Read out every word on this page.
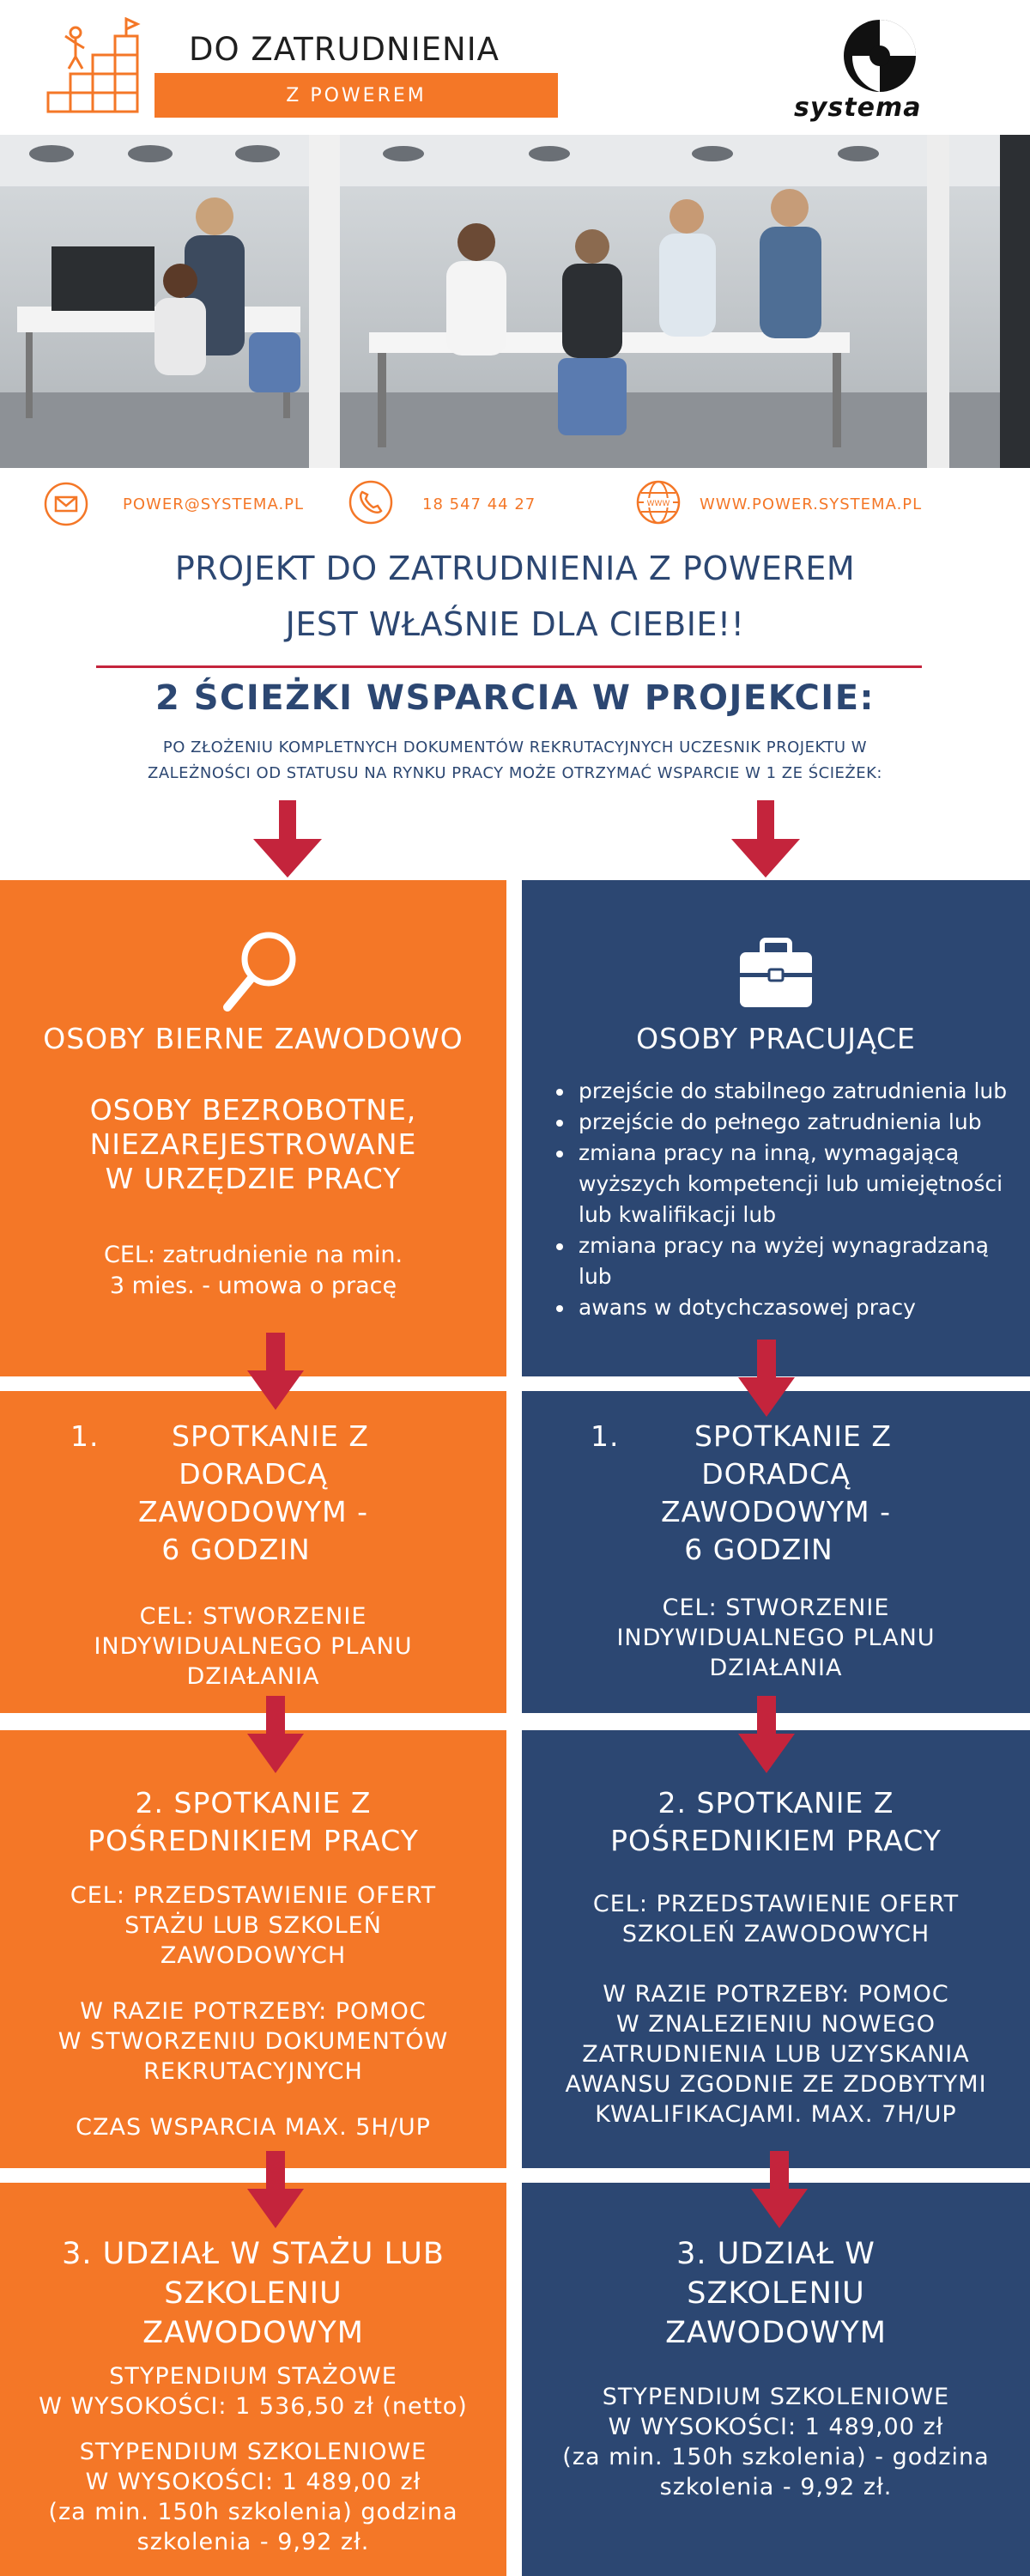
DO ZATRUDNIENIA
Z POWEREM	systema
POWER@SYSTEMA.PL	18 547 44 27	WWW WWW.POWER.SYSTEMA.PL
PROJEKT DO ZATRUDNIENIA Z POWEREM
JEST WŁAŚNIE DLA CIEBIE!!
2 ŚCIEŻKI WSPARCIA W PROJEKCIE:
PO ZŁOŻENIU KOMPLETNYCH DOKUMENTÓW REKRUTACYJNYCH UCZESNIK PROJEKTU W
ZALEŻNOŚCI OD STATUSU NA RYNKU PRACY MOŻE OTRZYMAĆ WSPARCIE W 1 ZE ŚCIEŻEK:
OSOBY BIERNE ZAWODOWO
OSOBY BEZROBOTNE,
NIEZAREJESTROWANE
W URZĘDZIE PRACY
CEL: zatrudnienie na min.
3 mies. - umowa o pracę
1.	SPOTKANIE Z
DORADCĄ
ZAWODOWYM -
6 GODZIN
CEL: STWORZENIE
INDYWIDUALNEGO PLANU
DZIAŁANIA
2. SPOTKANIE Z
POŚREDNIKIEM PRACY
CEL: PRZEDSTAWIENIE OFERT
STAŻU LUB SZKOLEŃ
ZAWODOWYCH
W RAZIE POTRZEBY: POMOC
W STWORZENIU DOKUMENTÓW
REKRUTACYJNYCH
CZAS WSPARCIA MAX. 5H/UP
3. UDZIAŁ W STAŻU LUB
SZKOLENIU
ZAWODOWYM
STYPENDIUM STAŻOWE
W WYSOKOŚCI: 1 536,50 zł (netto)
STYPENDIUM SZKOLENIOWE
W WYSOKOŚCI: 1 489,00 zł
(za min. 150h szkolenia) godzina
szkolenia - 9,92 zł.
OSOBY PRACUJĄCE
• przejście do stabilnego zatrudnienia lub
• przejście do pełnego zatrudnienia lub
• zmiana pracy na inną, wymagającą
wyższych kompetencji lub umiejętności
lub kwalifikacji lub
• zmiana pracy na wyżej wynagradzaną
lub
• awans w dotychczasowej pracy
1.	SPOTKANIE Z
DORADCĄ
ZAWODOWYM -
6 GODZIN
CEL: STWORZENIE
INDYWIDUALNEGO PLANU
DZIAŁANIA
2. SPOTKANIE Z
POŚREDNIKIEM PRACY
CEL: PRZEDSTAWIENIE OFERT
SZKOLEŃ ZAWODOWYCH
W RAZIE POTRZEBY: POMOC
W ZNALEZIENIU NOWEGO
ZATRUDNIENIA LUB UZYSKANIA
AWANSU ZGODNIE ZE ZDOBYTYMI
KWALIFIKACJAMI. MAX. 7H/UP
3. UDZIAŁ W
SZKOLENIU
ZAWODOWYM
STYPENDIUM SZKOLENIOWE
W WYSOKOŚCI: 1 489,00 zł
(za min. 150h szkolenia) - godzina
szkolenia - 9,92 zł.
